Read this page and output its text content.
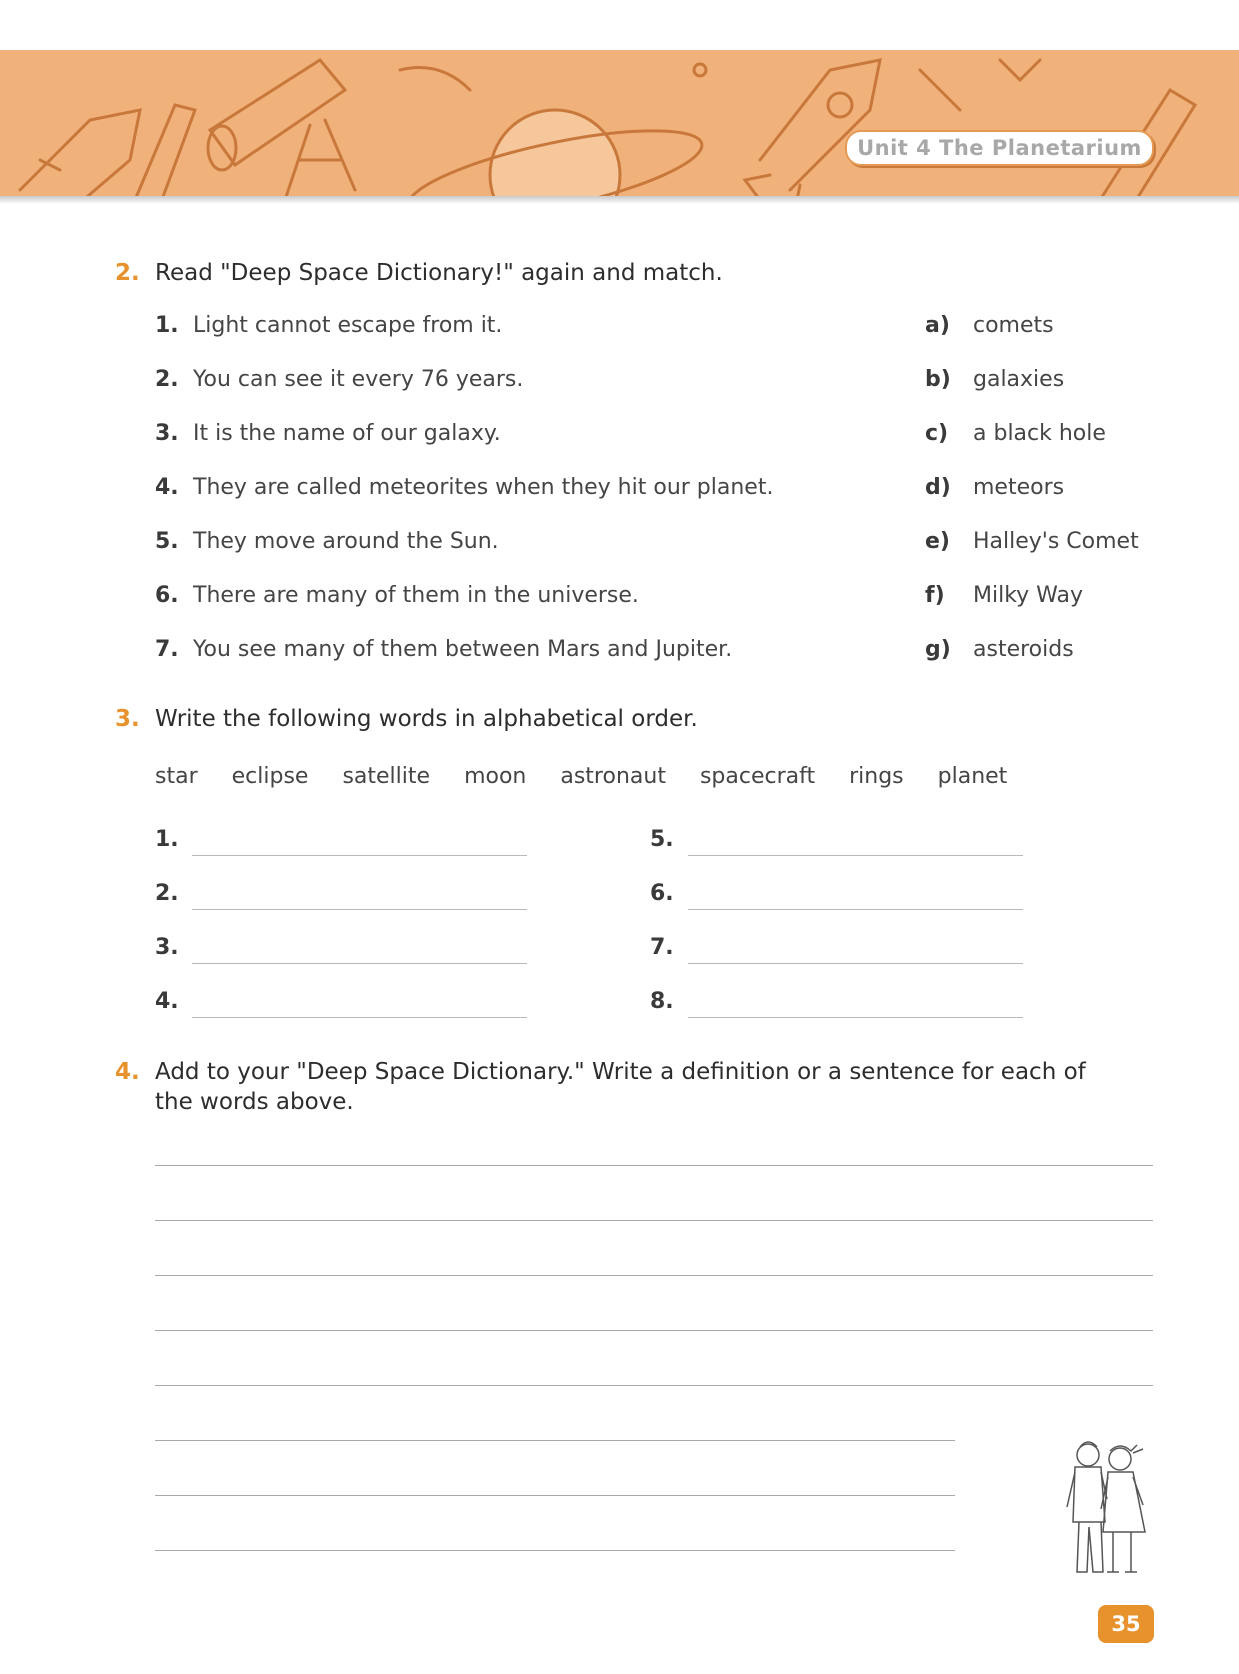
Unit 4 The Planetarium
2. Read "Deep Space Dictionary!" again and match.
1. Light cannot escape from it.
2. You can see it every 76 years.
3. It is the name of our galaxy.
4. They are called meteorites when they hit our planet.
5. They move around the Sun.
6. There are many of them in the universe.
7. You see many of them between Mars and Jupiter.
a) comets
b) galaxies
c) a black hole
d) meteors
e) Halley's Comet
f) Milky Way
g) asteroids
3. Write the following words in alphabetical order.
star eclipse satellite moon astronaut spacecraft rings planet
1.
2.
3.
4.
5.
6.
7.
8.
4. Add to your "Deep Space Dictionary." Write a definition or a sentence for each of
the words above.
35
